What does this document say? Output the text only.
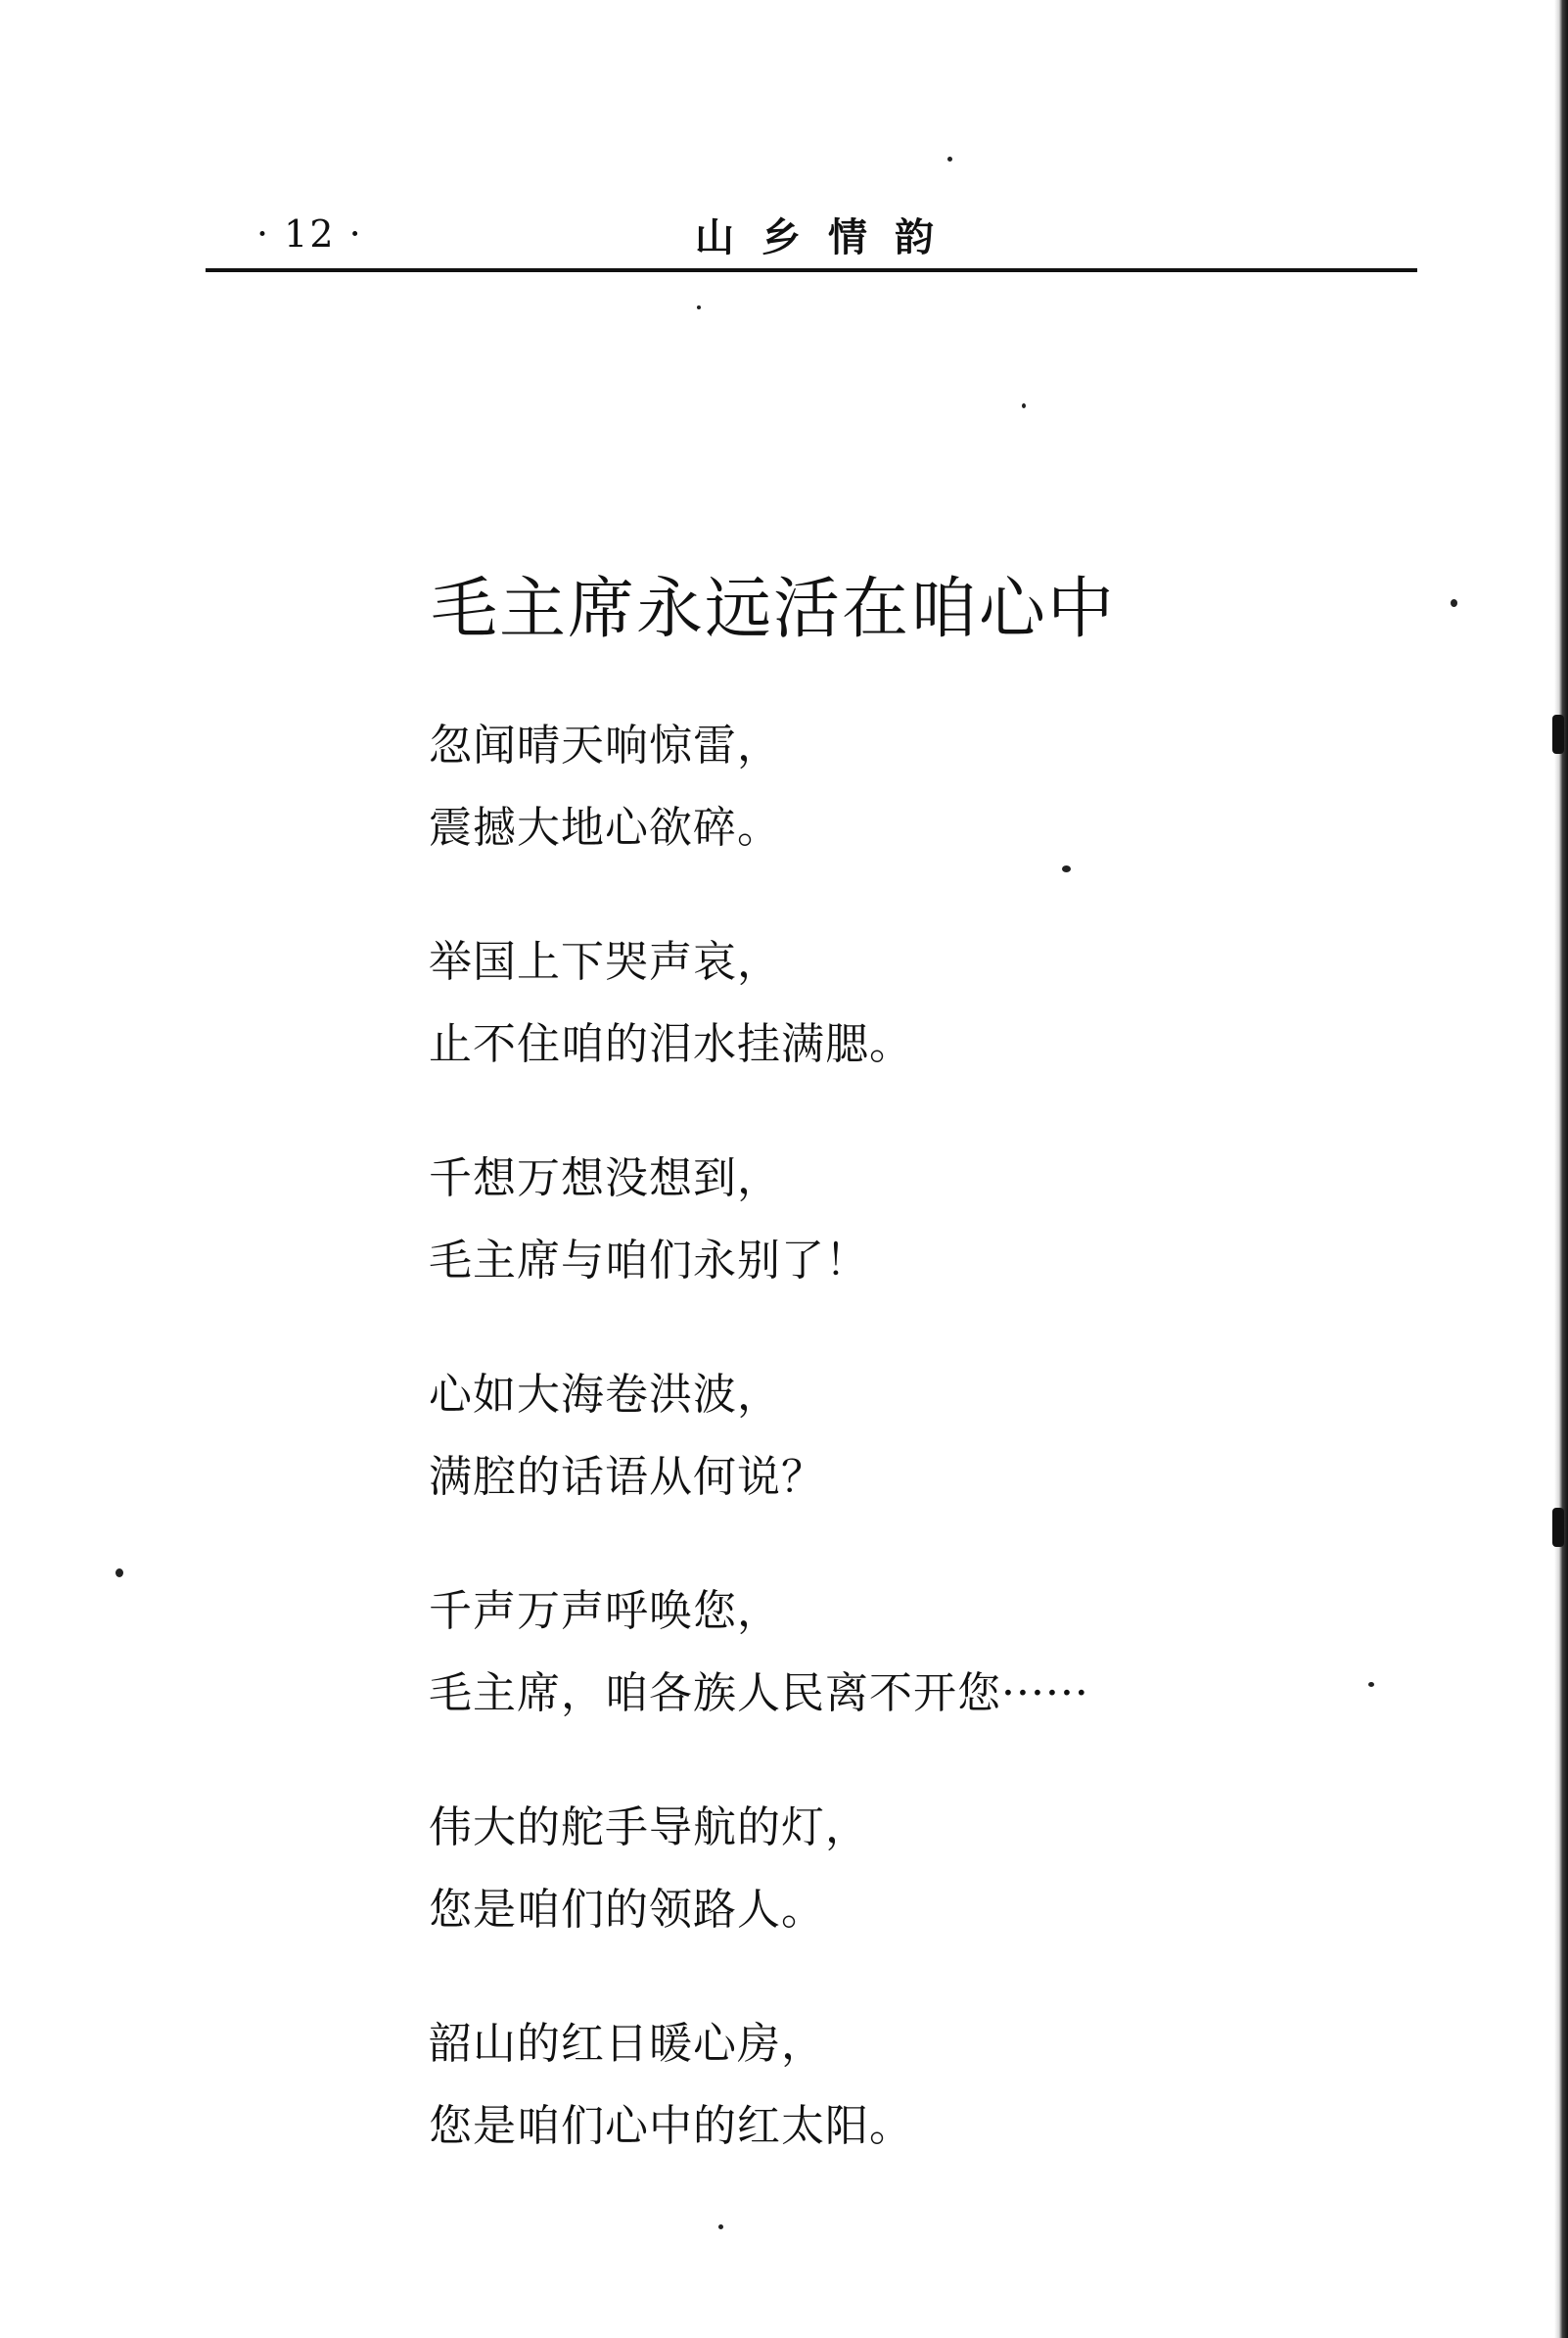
· 12 ·	山乡情韵
毛主席永远活在咱心中
忽闻晴天响惊雷，
震撼大地心欲碎。
举国上下哭声哀，
止不住咱的泪水挂满腮。
千想万想没想到，
毛主席与咱们永别了！
心如大海卷洪波，
满腔的话语从何说？
千声万声呼唤您，
毛主席，咱各族人民离不开您······
伟大的舵手导航的灯，
您是咱们的领路人。
韶山的红日暖心房，
您是咱们心中的红太阳。
